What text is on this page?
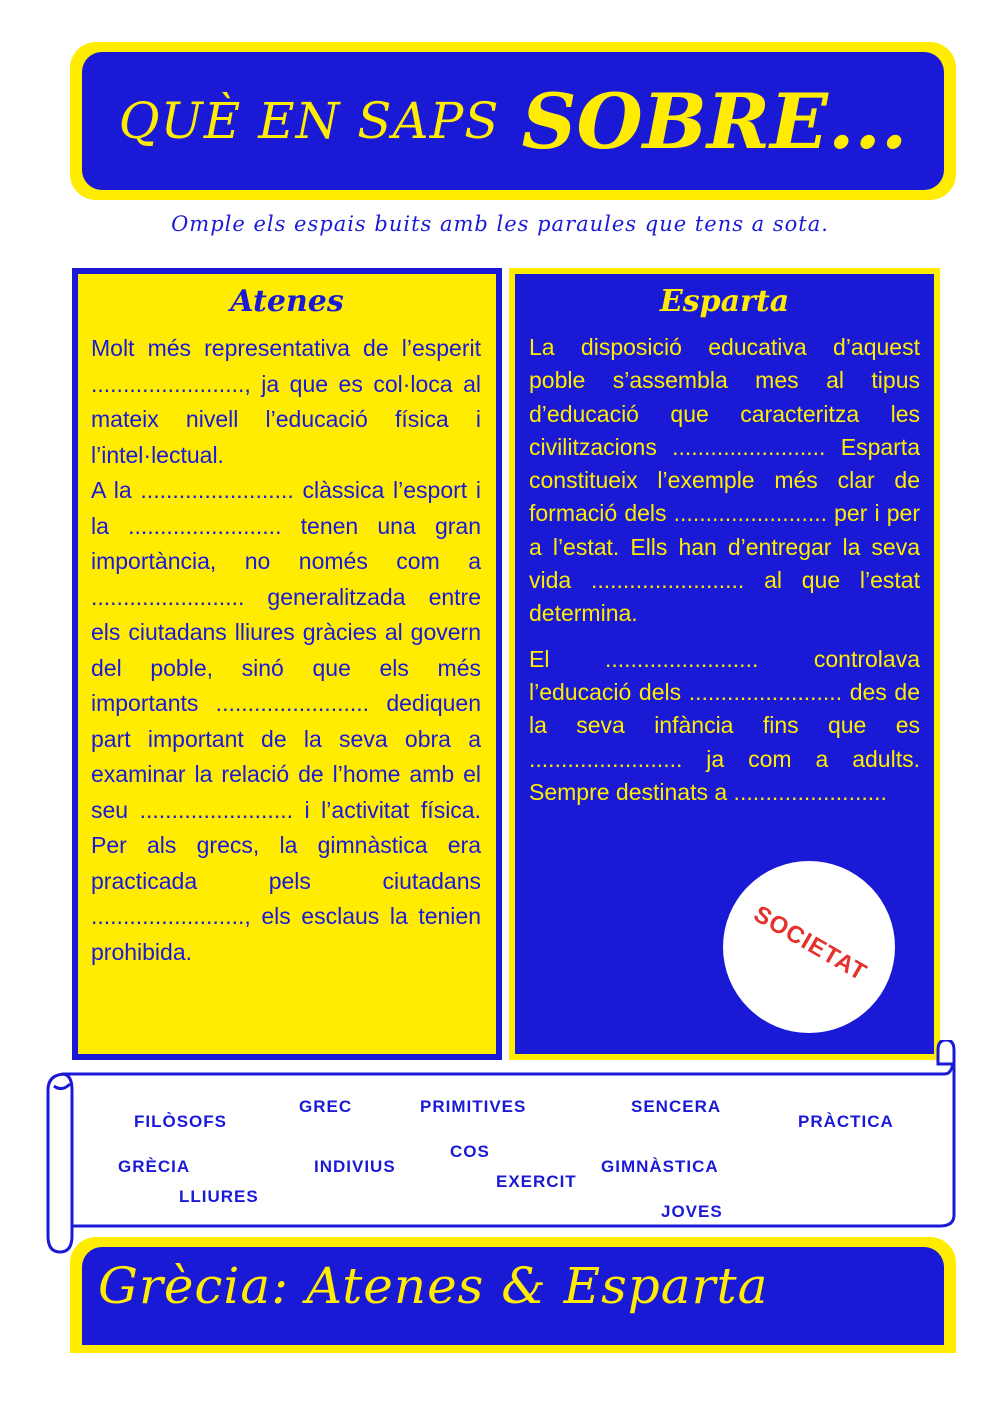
QUÈ EN SAPS SOBRE...
Omple els espais buits amb les paraules que tens a sota.
Atenes

Molt més representativa de l’esperit ........................, ja que es col·loca al mateix nivell l’educació física i l’intel·lectual.

A la ........................ clàssica l’esport i la ........................ tenen una gran importància, no només com a ........................ generalitzada entre els ciutadans lliures gràcies al govern del poble, sinó que els més importants ........................ dediquen part important de la seva obra a examinar la relació de l’home amb el seu ........................ i l’activitat física. Per als grecs, la gimnàstica era practicada pels ciutadans ........................, els esclaus la tenien prohibida.

Esparta

La disposició educativa d’aquest poble s’assembla mes al tipus d’educació que caracteritza les civilitzacions ........................ Esparta constitueix l’exemple més clar de formació dels ........................ per i per a l’estat. Ells han d’entregar la seva vida ........................ al que l’estat determina.

El ........................ controlava l’educació dels ........................ des de la seva infància fins que es ........................ ja com a adults. Sempre destinats a ........................

SOCIETAT
FILÒSOFS
GREC	PRIMITIVES	SENCERA
PRÀCTICA
GRÈCIA	INDIVIUS
COS
EXERCIT
GIMNÀSTICA
LLIURES
JOVES
Grècia: Atenes & Esparta
